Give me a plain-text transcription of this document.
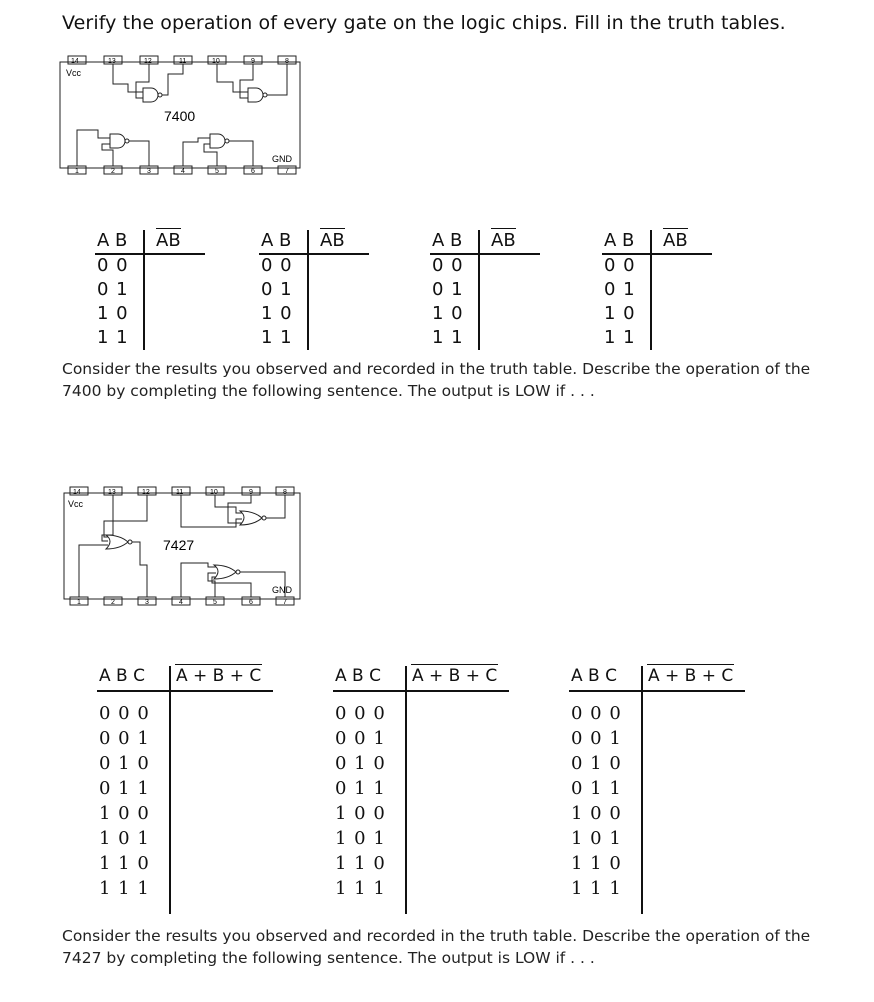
Verify the operation of every gate on the logic chips. Fill in the truth tables.
14	13	12	11	10	9	8
1	2	3	4	5	6	7
Vcc
GND
7400
A B AB
0 0
0 1
1 0
1 1
A B AB
0 0
0 1
1 0
1 1
A B AB
0 0
0 1
1 0
1 1
A B AB
0 0
0 1
1 0
1 1
Consider the results you observed and recorded in the truth table. Describe the operation of the
7400 by completing the following sentence. The output is LOW if . . .
14	13	12	11	10	9	8
1	2	3	4	5	6	7
Vcc
GND
7427
A B C A + B + C
0 0 0
0 0 1
0 1 0
0 1 1
1 0 0
1 0 1
1 1 0
1 1 1
A B C A + B + C
0 0 0
0 0 1
0 1 0
0 1 1
1 0 0
1 0 1
1 1 0
1 1 1
A B C A + B + C
0 0 0
0 0 1
0 1 0
0 1 1
1 0 0
1 0 1
1 1 0
1 1 1
Consider the results you observed and recorded in the truth table. Describe the operation of the
7427 by completing the following sentence. The output is LOW if . . .
